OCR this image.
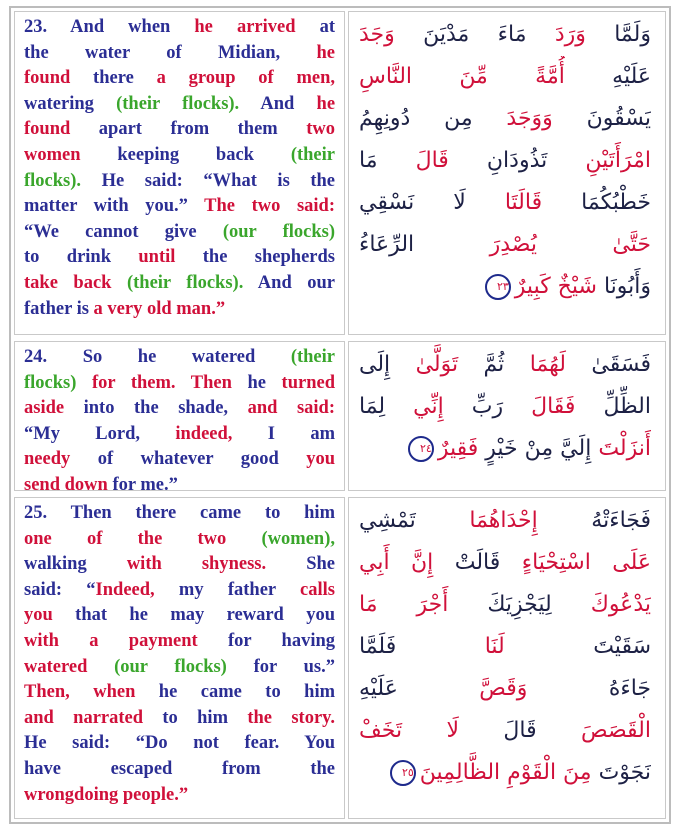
23. And when he arrived at
the water of Midian, he
found there a group of men,
watering (their flocks). And he
found apart from them two
women keeping back (their
flocks). He said: “What is the
matter with you.” The two said:
“We cannot give (our flocks)
to drink until the shepherds
take back (their flocks). And our
father is a very old man.”
وَلَمَّا وَرَدَ مَاءَ مَدْيَنَ وَجَدَ
عَلَيْهِ أُمَّةً مِّنَ النَّاسِ
يَسْقُونَ وَوَجَدَ مِن دُونِهِمُ
امْرَأَتَيْنِ تَذُودَانِ قَالَ مَا
خَطْبُكُمَا قَالَتَا لَا نَسْقِي
حَتَّىٰ يُصْدِرَ الرِّعَاءُ
وَأَبُونَا شَيْخٌ كَبِيرٌ٢٣
24. So he watered (their
flocks) for them. Then he turned
aside into the shade, and said:
“My Lord, indeed, I am
needy of whatever good you
send down for me.”
فَسَقَىٰ لَهُمَا ثُمَّ تَوَلَّىٰ إِلَى
الظِّلِّ فَقَالَ رَبِّ إِنِّي لِمَا
أَنزَلْتَ إِلَيَّ مِنْ خَيْرٍ فَقِيرٌ٢٤
25. Then there came to him
one of the two (women),
walking with shyness. She
said: “Indeed, my father calls
you that he may reward you
with a payment for having
watered (our flocks) for us.”
Then, when he came to him
and narrated to him the story.
He said: “Do not fear. You
have escaped from the
wrongdoing people.”
فَجَاءَتْهُ إِحْدَاهُمَا تَمْشِي
عَلَى اسْتِحْيَاءٍ قَالَتْ إِنَّ أَبِي
يَدْعُوكَ لِيَجْزِيَكَ أَجْرَ مَا
سَقَيْتَ لَنَا فَلَمَّا
جَاءَهُ وَقَصَّ عَلَيْهِ
الْقَصَصَ قَالَ لَا تَخَفْ
نَجَوْتَ مِنَ الْقَوْمِ الظَّالِمِينَ٢٥
